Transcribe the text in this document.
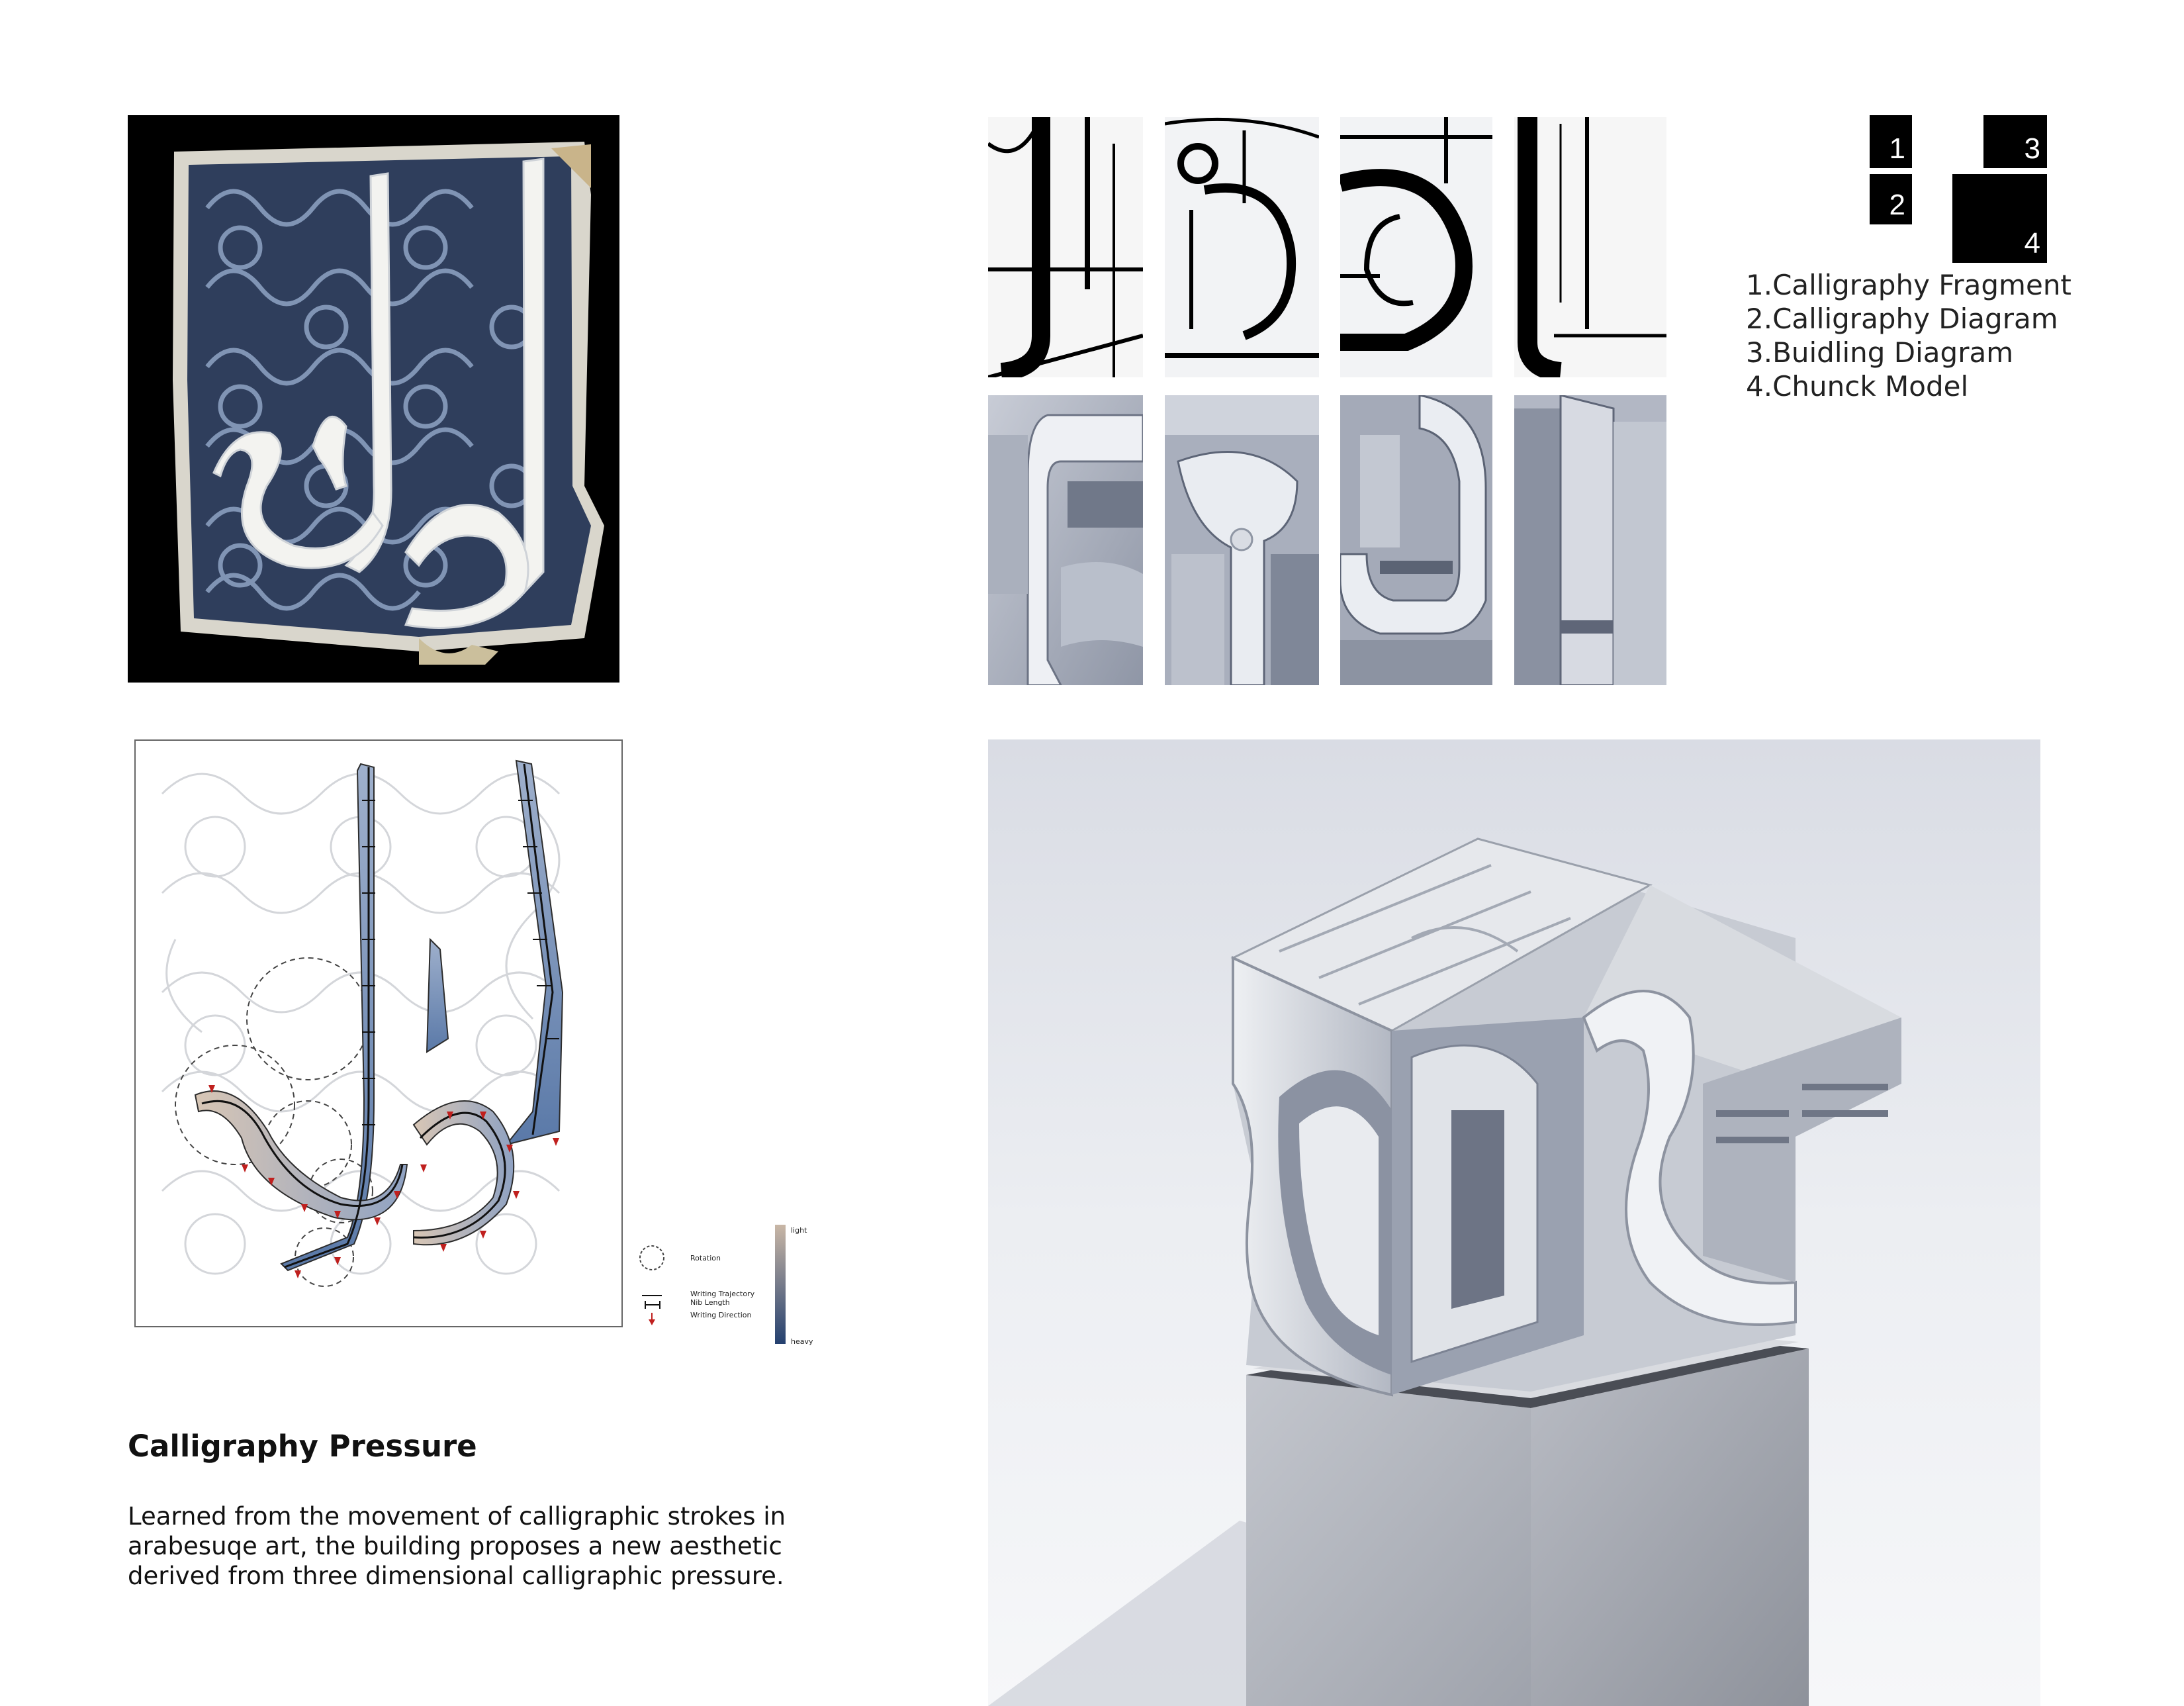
1
2
3
4
1.Calligraphy Fragment
2.Calligraphy Diagram
3.Buidling Diagram
4.Chunck Model
Rotation
Writing Trajectory
Nib Length
Writing Direction
light
heavy
Calligraphy Pressure
Learned from the movement of calligraphic strokes in
arabesuqe art, the building proposes a new aesthetic
derived from three dimensional calligraphic pressure.
